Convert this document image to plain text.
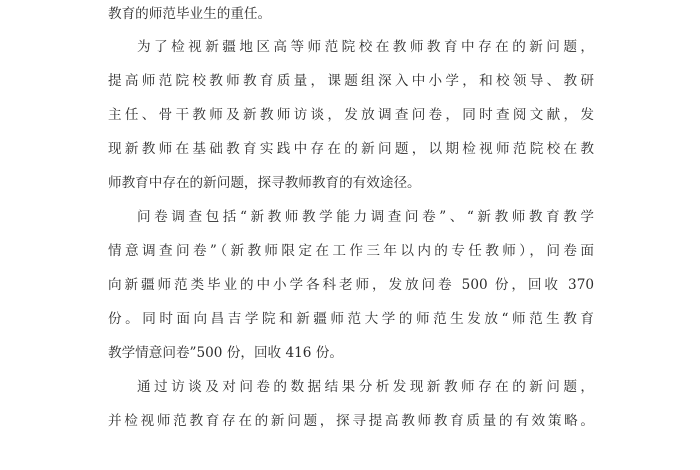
教育的师范毕业生的重任。
为了检视新疆地区高等师范院校在教师教育中存在的新问题，
提高师范院校教师教育质量，课题组深入中小学，和校领导、教研
主任、骨干教师及新教师访谈，发放调查问卷，同时查阅文献，发
现新教师在基础教育实践中存在的新问题，以期检视师范院校在教
师教育中存在的新问题，探寻教师教育的有效途径。
问卷调查包括“新教师教学能力调查问卷”、“新教师教育教学
情意调查问卷”（新教师限定在工作三年以内的专任教师），问卷面
向新疆师范类毕业的中小学各科老师，发放问卷 500 份，回收 370
份。同时面向昌吉学院和新疆师范大学的师范生发放“师范生教育
教学情意问卷”500 份，回收 416 份。
通过访谈及对问卷的数据结果分析发现新教师存在的新问题，
并检视师范教育存在的新问题，探寻提高教师教育质量的有效策略。
